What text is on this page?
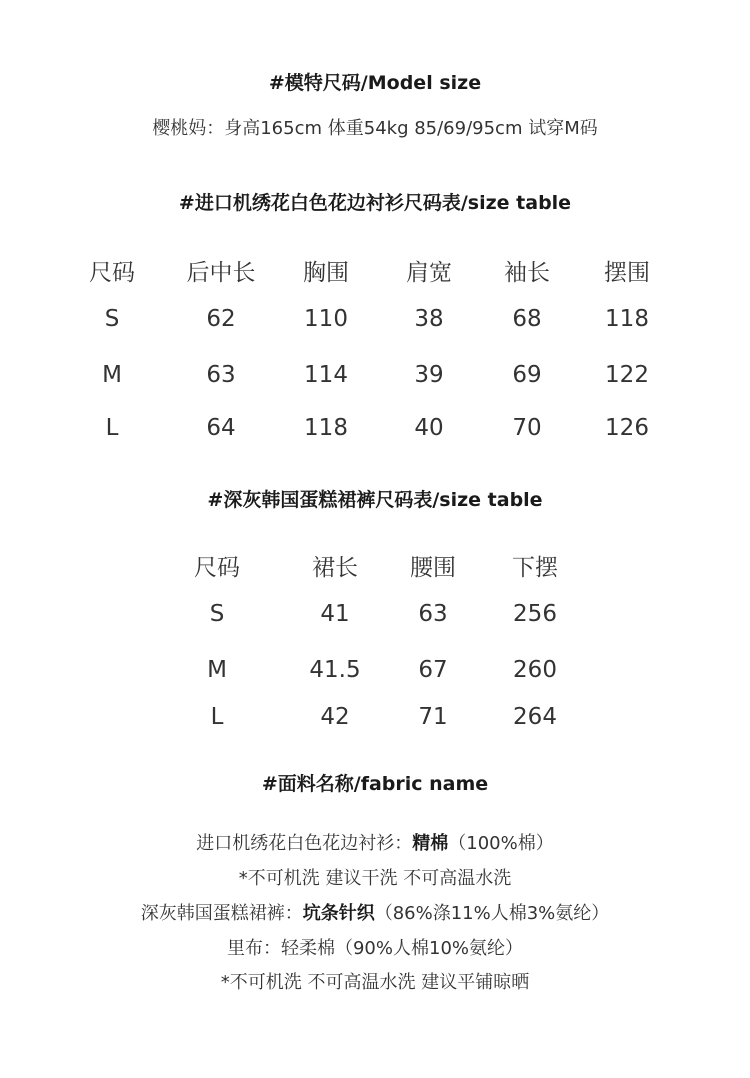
#模特尺码/Model size
樱桃妈：身高165cm 体重54kg 85/69/95cm 试穿M码
#进口机绣花白色花边衬衫尺码表/size table
尺码 后中长 胸围 肩宽 袖长 摆围
S	62	110	38	68	118
M	63	114	39	69	122
L	64	118	40	70	126
#深灰韩国蛋糕裙裤尺码表/size table
尺码	裙长 腰围 下摆
S	41	63	256
M	41.5	67	260
L	42	71	264
#面料名称/fabric name
进口机绣花白色花边衬衫：精棉（100%棉）
*不可机洗 建议干洗 不可高温水洗
深灰韩国蛋糕裙裤：坑条针织（86%涤11%人棉3%氨纶）
里布：轻柔棉（90%人棉10%氨纶）
*不可机洗 不可高温水洗 建议平铺晾晒
